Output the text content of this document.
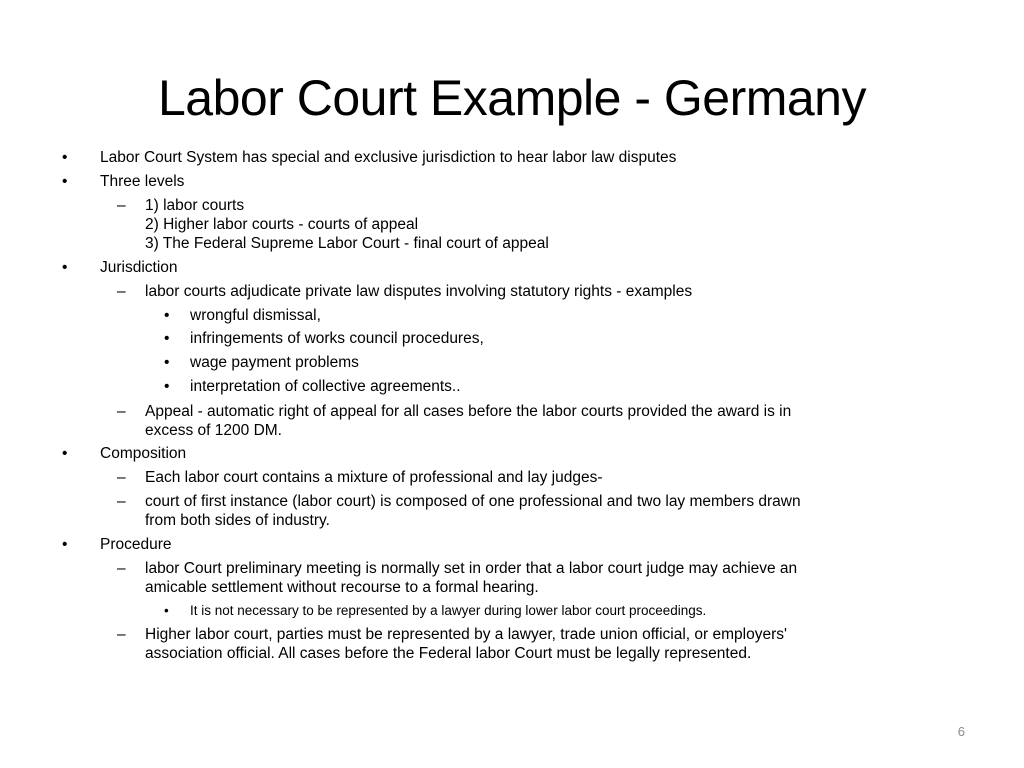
Labor Court Example - Germany
• Labor Court System has special and exclusive jurisdiction to hear labor law disputes
• Three levels
– 1) labor courts
2) Higher labor courts - courts of appeal
3) The Federal Supreme Labor Court - final court of appeal
• Jurisdiction
– labor courts adjudicate private law disputes involving statutory rights - examples
• wrongful dismissal,
• infringements of works council procedures,
• wage payment problems
• interpretation of collective agreements..
– Appeal - automatic right of appeal for all cases before the labor courts provided the award is in
excess of 1200 DM.
• Composition
– Each labor court contains a mixture of professional and lay judges-
– court of first instance (labor court) is composed of one professional and two lay members drawn
from both sides of industry.
• Procedure
– labor Court preliminary meeting is normally set in order that a labor court judge may achieve an
amicable settlement without recourse to a formal hearing.
• It is not necessary to be represented by a lawyer during lower labor court proceedings.
– Higher labor court, parties must be represented by a lawyer, trade union official, or employers'
association official. All cases before the Federal labor Court must be legally represented.
6
